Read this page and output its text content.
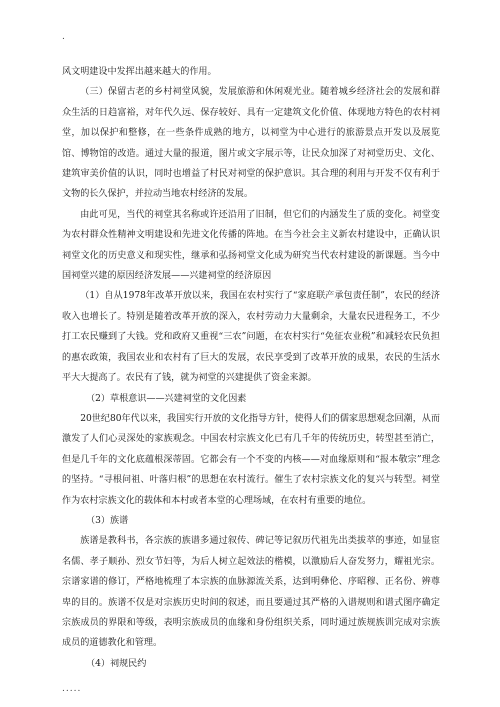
.

风文明建设中发挥出越来越大的作用。

（三）保留古老的乡村祠堂风貌，发展旅游和休闲观光业。随着城乡经济社会的发展和群众生活的日趋富裕，对年代久远、保存较好、具有一定建筑文化价值、体现地方特色的农村祠堂，加以保护和整修，在一些条件成熟的地方，以祠堂为中心进行的旅游景点开发以及展览馆、博物馆的改造。通过大量的报道，图片或文字展示等，让民众加深了对祠堂历史、文化、建筑审美价值的认识，同时也增益了村民对祠堂的保护意识。其合理的利用与开发不仅有利于文物的长久保护，并拉动当地农村经济的发展。

由此可见，当代的祠堂其名称或许还沿用了旧制，但它们的内涵发生了质的变化。祠堂变为农村群众性精神文明建设和先进文化传播的阵地。在当今社会主义新农村建设中，正确认识祠堂文化的历史意义和现实性，继承和弘扬祠堂文化成为研究当代农村建设的新课题。当今中国祠堂兴建的原因经济发展——兴建祠堂的经济原因

（1）自从1978年改革开放以来，我国在农村实行了“家庭联产承包责任制”，农民的经济收入也增长了。特别是随着改革开放的深入，农村劳动力大量剩余，大量农民进程务工，不少打工农民赚到了大钱。党和政府又重视“三农”问题，在农村实行“免征农业税”和减轻农民负担的惠农政策，我国农业和农村有了巨大的发展，农民享受到了改革开放的成果，农民的生活水平大大提高了。农民有了钱，就为祠堂的兴建提供了资金来源。

（2）草根意识——兴建祠堂的文化因素

20世纪80年代以来，我国实行开放的文化指导方针，使得人们的儒家思想观念回潮，从而激发了人们心灵深处的家族观念。中国农村宗族文化已有几千年的传统历史，转型甚至消亡，但是几千年的文化底蕴根深蒂固。它都会有一个不变的内核——对血缘原则和“报本敬宗”理念的坚持。“寻根问祖、叶落归根”的思想在农村流行。催生了农村宗族文化的复兴与转型。祠堂作为农村宗族文化的载体和本村或者本堂的心理场域，在农村有重要的地位。

（3）族谱

族谱是教科书，各宗族的族谱多通过叙传、碑记等记叙历代祖先出类拔萃的事迹，如显宦名儒、孝子顺孙、烈女节妇等，为后人树立起效法的楷模，以激励后人奋发努力，耀祖光宗。宗谱家谱的修订，严格地梳理了本宗族的血脉源流关系，达到明彝伦、序昭穆、正名份、辨尊卑的目的。族谱不仅是对宗族历史时间的叙述，而且要通过其严格的入谱规则和谱式图序确定宗族成员的界限和等级，表明宗族成员的血缘和身份组织关系，同时通过族规族训完成对宗族成员的道德教化和管理。

（4）祠规民约

.....
